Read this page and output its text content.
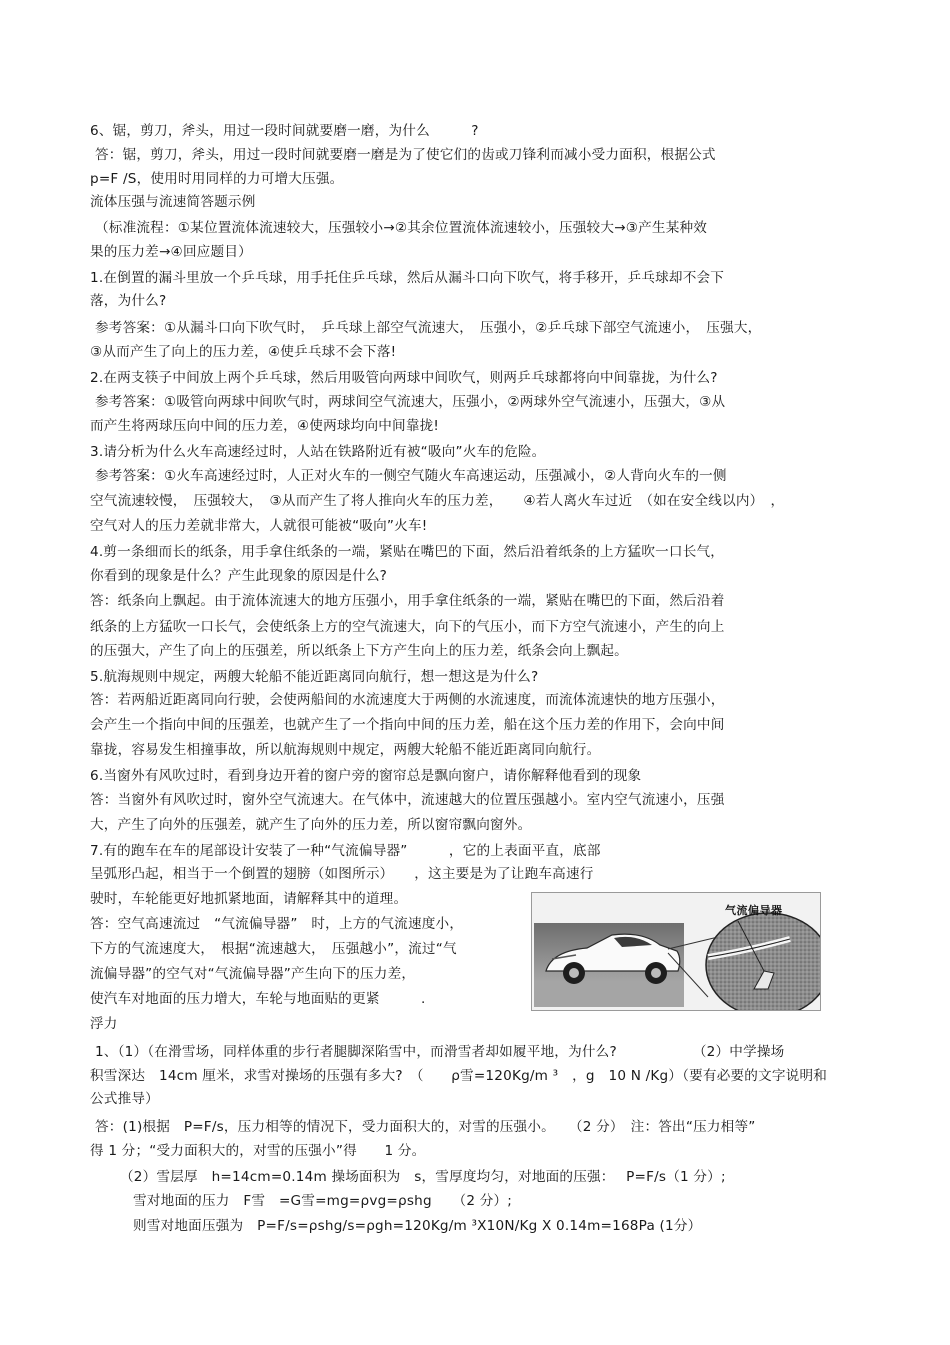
6、锯，剪刀，斧头，用过一段时间就要磨一磨，为什么　　　?

答：锯，剪刀，斧头，用过一段时间就要磨一磨是为了使它们的齿或刀锋利而减小受力面积，根据公式

p=F /S，使用时用同样的力可增大压强。

流体压强与流速简答题示例

（标准流程：①某位置流体流速较大，压强较小→②其余位置流体流速较小，压强较大→③产生某种效

果的压力差→④回应题目）

1.在倒置的漏斗里放一个乒乓球，用手托住乒乓球，然后从漏斗口向下吹气，将手移开，乒乓球却不会下

落，为什么?

参考答案：①从漏斗口向下吹气时，　乒乓球上部空气流速大，　压强小，②乒乓球下部空气流速小，　压强大，

③从而产生了向上的压力差，④使乒乓球不会下落!

2.在两支筷子中间放上两个乒乓球，然后用吸管向两球中间吹气，则两乒乓球都将向中间靠拢，为什么?

参考答案：①吸管向两球中间吹气时，两球间空气流速大，压强小，②两球外空气流速小，压强大，③从

而产生将两球压向中间的压力差，④使两球均向中间靠拢!

3.请分析为什么火车高速经过时，人站在铁路附近有被“吸向”火车的危险。

参考答案：①火车高速经过时，人正对火车的一侧空气随火车高速运动，压强减小，②人背向火车的一侧

空气流速较慢，　压强较大，　③从而产生了将人推向火车的压力差，　　④若人离火车过近　（如在安全线以内）　，

空气对人的压力差就非常大，人就很可能被“吸向”火车!

4.剪一条细而长的纸条，用手拿住纸条的一端，紧贴在嘴巴的下面，然后沿着纸条的上方猛吹一口长气，

你看到的现象是什么？产生此现象的原因是什么?

答：纸条向上飘起。由于流体流速大的地方压强小，用手拿住纸条的一端，紧贴在嘴巴的下面，然后沿着

纸条的上方猛吹一口长气，会使纸条上方的空气流速大，向下的气压小，而下方空气流速小，产生的向上

的压强大，产生了向上的压强差，所以纸条上下方产生向上的压力差，纸条会向上飘起。

5.航海规则中规定，两艘大轮船不能近距离同向航行，想一想这是为什么?

答：若两船近距离同向行驶，会使两船间的水流速度大于两侧的水流速度，而流体流速快的地方压强小，

会产生一个指向中间的压强差，也就产生了一个指向中间的压力差，船在这个压力差的作用下，会向中间

靠拢，容易发生相撞事故，所以航海规则中规定，两艘大轮船不能近距离同向航行。

6.当窗外有风吹过时，看到身边开着的窗户旁的窗帘总是飘向窗户，请你解释他看到的现象

答：当窗外有风吹过时，窗外空气流速大。在气体中，流速越大的位置压强越小。室内空气流速小，压强

大，产生了向外的压强差，就产生了向外的压力差，所以窗帘飘向窗外。

7.有的跑车在车的尾部设计安装了一种“气流偏导器”　　　，它的上表面平直，底部

呈弧形凸起，相当于一个倒置的翅膀（如图所示）　　，这主要是为了让跑车高速行

驶时，车轮能更好地抓紧地面，请解释其中的道理。

答：空气高速流过　“气流偏导器”　时，上方的气流速度小，

下方的气流速度大，　根据“流速越大，　压强越小”，流过“气

流偏导器”的空气对“气流偏导器”产生向下的压力差，

使汽车对地面的压力增大，车轮与地面贴的更紧　　　.

浮力

1、（1）（在滑雪场，同样体重的步行者腿脚深陷雪中，而滑雪者却如履平地，为什么?　　　　　　（2）中学操场

积雪深达　14cm 厘米，求雪对操场的压强有多大?　（　　ρ雪=120Kg/m ³　，g　10 N /Kg）（要有必要的文字说明和

公式推导）

答：(1)根据　P=F/s，压力相等的情况下，受力面积大的，对雪的压强小。　　（2 分）　注：答出“压力相等”

得 1 分；“受力面积大的，对雪的压强小”得　　1 分。

（2）雪层厚　h=14cm=0.14m 操场面积为　s，雪厚度均匀，对地面的压强：　 P=F/s（1 分）;

雪对地面的压力　F雪　=G雪=mg=ρvg=ρshg　　（2 分）;

则雪对地面压强为　P=F/s=ρshg/s=ρgh=120Kg/m ³X10N/Kg X 0.14m=168Pa (1分）

气流偏导器
